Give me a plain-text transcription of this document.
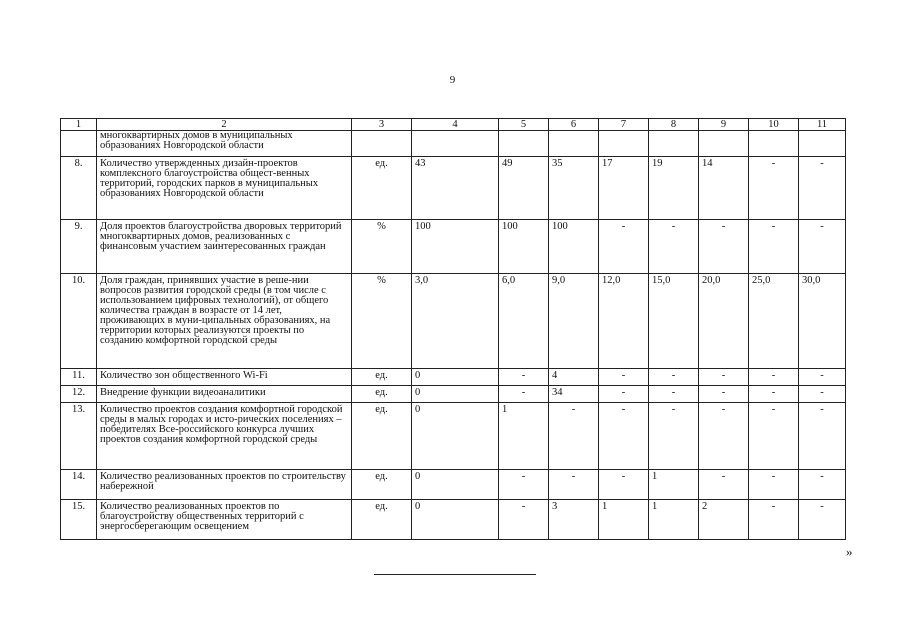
9
1	2	3	4	5	6	7	8	9	10	11
	многоквартирных домов в муниципальных образованиях Новгородской области									
8.	Количество утвержденных дизайн-проектов комплексного благоустройства общест-венных территорий, городских парков в муниципальных образованиях Новгородской области	ед.	43	49	35	17	19	14	-	-
9.	Доля проектов благоустройства дворовых территорий многоквартирных домов, реализованных с финансовым участием заинтересованных граждан	%	100	100	100	-	-	-	-	-
10.	Доля граждан, принявших участие в реше-нии вопросов развития городской среды (в том числе с использованием цифровых технологий), от общего количества граждан в возрасте от 14 лет, проживающих в муни-ципальных образованиях, на территории которых реализуются проекты по созданию комфортной городской среды	%	3,0	6,0	9,0	12,0	15,0	20,0	25,0	30,0
11.	Количество зон общественного Wi-Fi	ед.	0	-	4	-	-	-	-	-
12.	Внедрение функции видеоаналитики	ед.	0	-	34	-	-	-	-	-
13.	Количество проектов создания комфортной городской среды в малых городах и исто-рических поселениях – победителях Все-российского конкурса лучших проектов создания комфортной городской среды	ед.	0	1	-	-	-	-	-	-
14.	Количество реализованных проектов по строительству набережной	ед.	0	-	-	-	1	-	-	-
15.	Количество реализованных проектов по благоустройству общественных территорий с энергосберегающим освещением	ед.	0	-	3	1	1	2	-	-
»
